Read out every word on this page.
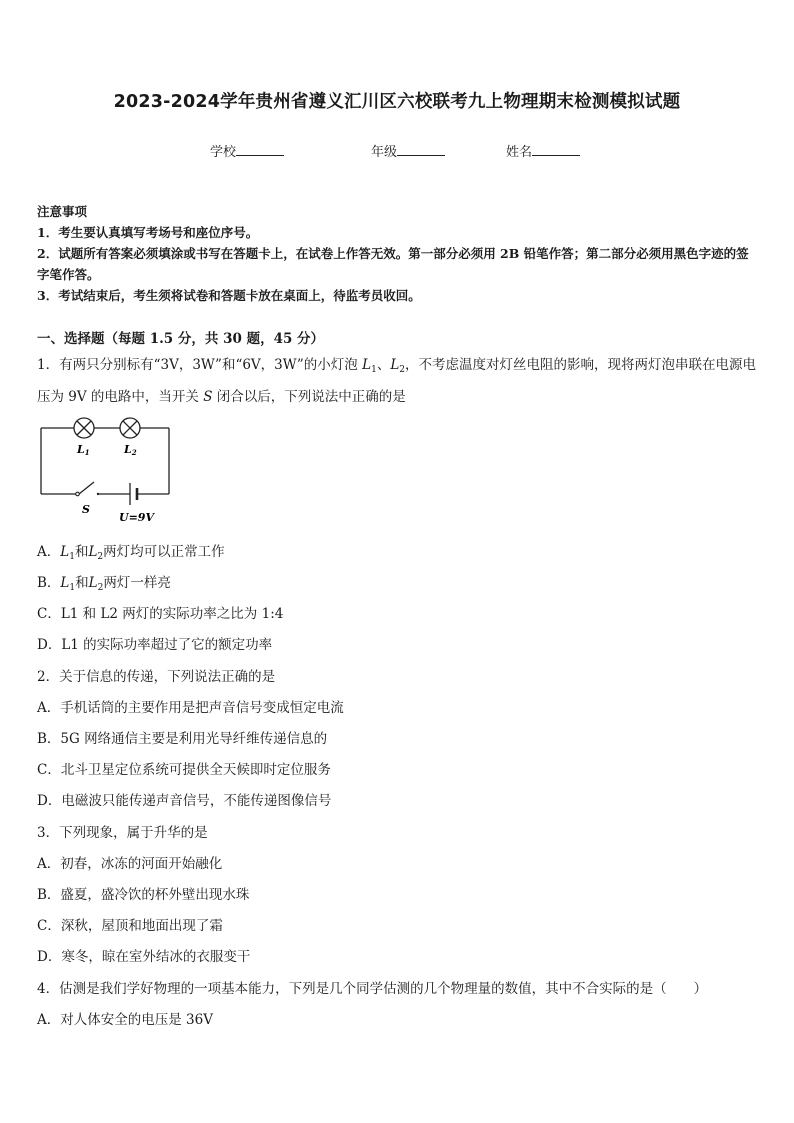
2023-2024学年贵州省遵义汇川区六校联考九上物理期末检测模拟试题
学校	年级	姓名
注意事项
1．考生要认真填写考场号和座位序号。
2．试题所有答案必须填涂或书写在答题卡上，在试卷上作答无效。第一部分必须用 2B 铅笔作答；第二部分必须用黑色字迹的签字笔作答。
3．考试结束后，考生须将试卷和答题卡放在桌面上，待监考员收回。
一、选择题（每题 1.5 分，共 30 题，45 分）
1．有两只分别标有“3V，3W”和“6V，3W”的小灯泡 $L_1$、$L_2$，不考虑温度对灯丝电阻的影响，现将两灯泡串联在电源电
压为 9V 的电路中，当开关 S 闭合以后，下列说法中正确的是
L1	L2
S
U=9V
A．$L_1$和$L_2$两灯均可以正常工作
B．$L_1$和$L_2$两灯一样亮
C．L1 和 L2 两灯的实际功率之比为 1:4
D．L1 的实际功率超过了它的额定功率
2．关于信息的传递，下列说法正确的是
A．手机话筒的主要作用是把声音信号变成恒定电流
B．5G 网络通信主要是利用光导纤维传递信息的
C．北斗卫星定位系统可提供全天候即时定位服务
D．电磁波只能传递声音信号，不能传递图像信号
3．下列现象，属于升华的是
A．初春，冰冻的河面开始融化
B．盛夏，盛冷饮的杯外壁出现水珠
C．深秋，屋顶和地面出现了霜
D．寒冬，晾在室外结冰的衣服变干
4．估测是我们学好物理的一项基本能力，下列是几个同学估测的几个物理量的数值，其中不合实际的是（　　）
A．对人体安全的电压是 36V
